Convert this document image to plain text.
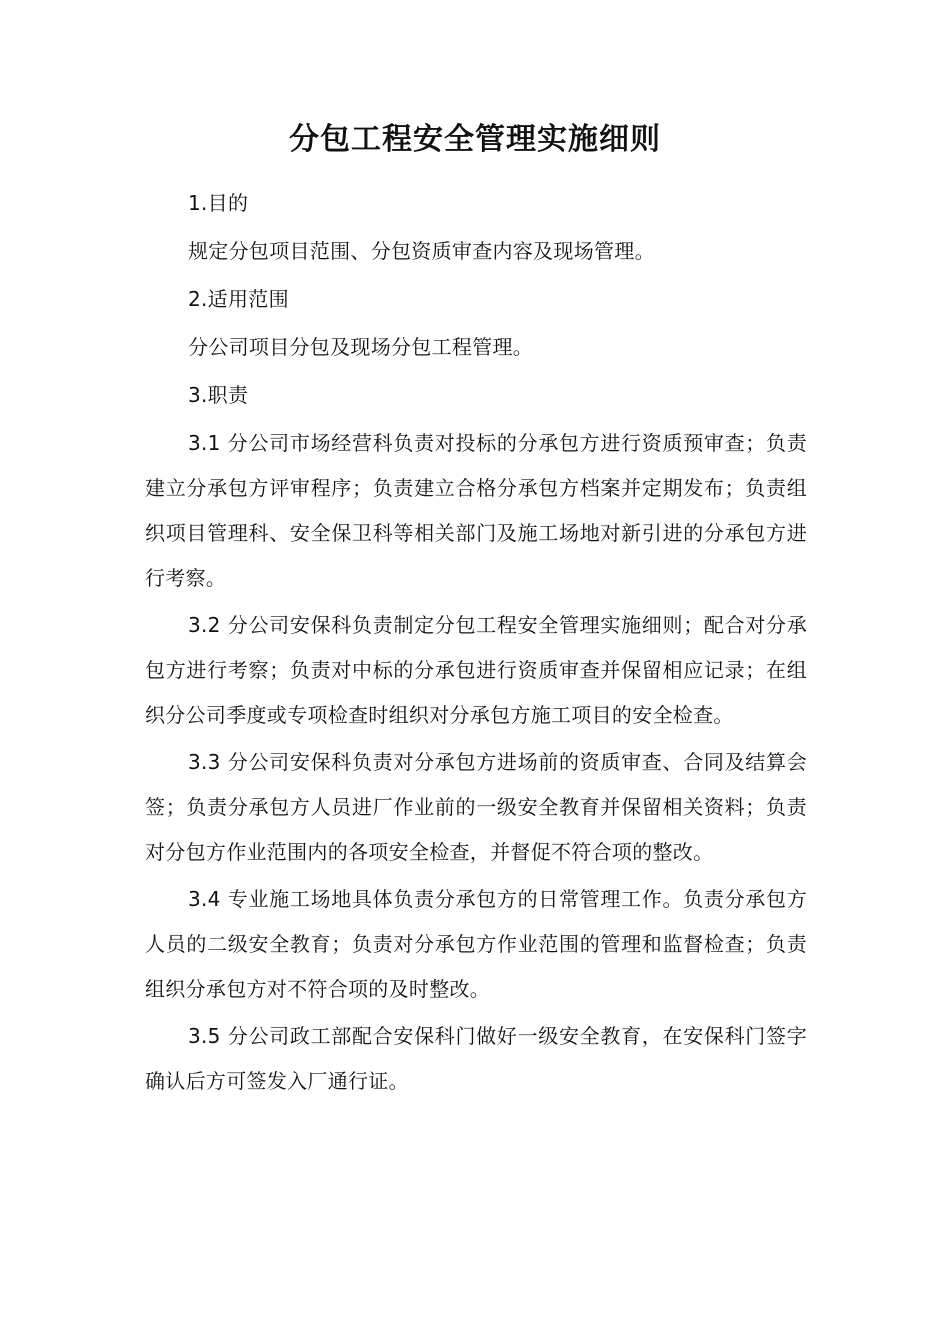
分包工程安全管理实施细则

1.目的

规定分包项目范围、分包资质审查内容及现场管理。

2.适用范围

分公司项目分包及现场分包工程管理。

3.职责

3.1 分公司市场经营科负责对投标的分承包方进行资质预审查；负责建立分承包方评审程序；负责建立合格分承包方档案并定期发布；负责组织项目管理科、安全保卫科等相关部门及施工场地对新引进的分承包方进行考察。

3.2 分公司安保科负责制定分包工程安全管理实施细则；配合对分承包方进行考察；负责对中标的分承包进行资质审查并保留相应记录；在组织分公司季度或专项检查时组织对分承包方施工项目的安全检查。

3.3 分公司安保科负责对分承包方进场前的资质审查、合同及结算会签；负责分承包方人员进厂作业前的一级安全教育并保留相关资料；负责对分包方作业范围内的各项安全检查，并督促不符合项的整改。

3.4 专业施工场地具体负责分承包方的日常管理工作。负责分承包方人员的二级安全教育；负责对分承包方作业范围的管理和监督检查；负责组织分承包方对不符合项的及时整改。

3.5 分公司政工部配合安保科门做好一级安全教育，在安保科门签字确认后方可签发入厂通行证。
